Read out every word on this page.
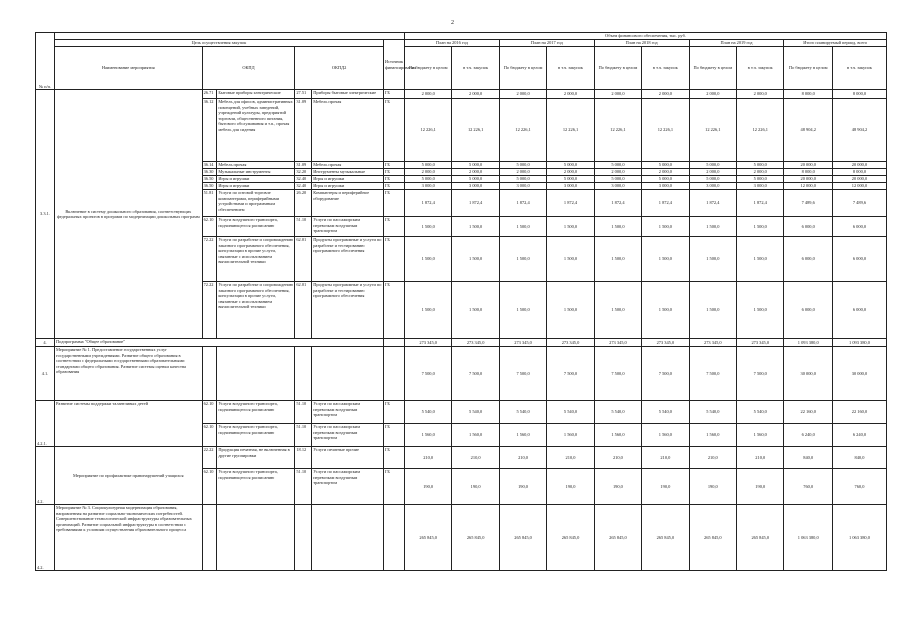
2
№ п/п.							Объем финансового обеспечения, тыс. руб.									
	Цель осуществления закупок					Источник финансирования	План на 2016 год		План на 2017 год		План на 2018 год		План на 2019 год		Итого планируемый период, всего	
	Наименование мероприятия	ОКПД		ОКПД2			По бюджету в целом	в т.ч. закупок	По бюджету в целом	в т.ч. закупок	По бюджету в целом	в т.ч. закупок	По бюджету в целом	в т.ч. закупок	По бюджету в целом	в т.ч. закупок
3.3.1.	Включение в систему дошкольного образования, соответствующих федеральных проектов в программ по модернизации дошкольных программ	26.71	Бытовые приборы электрические	27.51	Приборы бытовые электрические	ГБ	2 000,0	2 000,0	2 000,0	2 000,0	2 000,0	2 000,0	2 000,0	2 000,0	8 000,0	8 000,0
		36.12	Мебель для офисов, административных помещений, учебных заведений, учреждений культуры, предприятий торговли, общественного питания, бытового обслуживания и т.п., прочая мебель для сидения	31.09	Мебель прочая	ГБ	12 226,1	12 226,1	12 226,1	12 226,1	12 226,1	12 226,1	12 226,1	12 226,1	48 904,2	48 904,2
		36.14	Мебель прочая	31.09	Мебель прочая	ГБ	5 000,0	5 000,0	5 000,0	5 000,0	5 000,0	5 000,0	5 000,0	5 000,0	20 000,0	20 000,0
		36.30	Музыкальные инструменты	32.20	Инструменты музыкальные	ГБ	2 000,0	2 000,0	2 000,0	2 000,0	2 000,0	2 000,0	2 000,0	2 000,0	8 000,0	8 000,0
		36.50	Игры и игрушки	32.40	Игры и игрушки	ГБ	5 000,0	5 000,0	5 000,0	5 000,0	5 000,0	5 000,0	5 000,0	5 000,0	20 000,0	20 000,0
		36.50	Игры и игрушки	32.40	Игры и игрушки	ГБ	3 000,0	3 000,0	3 000,0	3 000,0	3 000,0	3 000,0	3 000,0	3 000,0	12 000,0	12 000,0
		51.81	Услуги по оптовой торговле компьютерами, периферийными устройствами и программным обеспечением	26.20	Компьютеры и периферийное оборудование	ГБ	1 872,4	1 872,4	1 872,4	1 872,4	1 872,4	1 872,4	1 872,4	1 872,4	7 489,6	7 489,6
		62.10	Услуги воздушного транспорта, подчиняющегося расписанию	51.10	Услуги по пассажирским перевозкам воздушным транспортом	ГБ	1 500,0	1 500,0	1 500,0	1 500,0	1 500,0	1 500,0	1 500,0	1 500,0	6 000,0	6 000,0
		72.22	Услуги по разработке и сопровождению заказного программного обеспечения, консультации в прочие услуги, связанные с использованием вычислительной техники	62.01	Продукты программные и услуги по разработке и тестированию программного обеспечения	ГБ	1 500,0	1 500,0	1 500,0	1 500,0	1 500,0	1 500,0	1 500,0	1 500,0	6 000,0	6 000,0
		72.22	Услуги по разработке и сопровождению заказного программного обеспечения, консультации в прочие услуги, связанные с использованием вычислительной техники	62.01	Продукты программные и услуги по разработке и тестированию программного обеспечения	ГБ	1 500,0	1 500,0	1 500,0	1 500,0	1 500,0	1 500,0	1 500,0	1 500,0	6 000,0	6 000,0
4.	Подпрограмма "Общее образование"						273 345,0	273 345,0	273 345,0	273 345,0	273 345,0	273 345,0	273 345,0	273 345,0	1 093 380,0	1 093 380,0
4.1.	Мероприятие № 1. Предоставление государственных услуг государственными учреждениями. Развитие общего образования в соответствии с федеральными государственными образовательными стандартами общего образования. Развитие системы оценки качества образования						7 500,0	7 500,0	7 500,0	7 500,0	7 500,0	7 500,0	7 500,0	7 500,0	30 000,0	30 000,0
4.2.1.	Развитие системы поддержки талантливых детей	62.10	Услуги воздушного транспорта, подчиняющегося расписанию	51.10	Услуги по пассажирским перевозкам воздушным транспортом	ГБ	5 540,0	5 540,0	5 540,0	5 540,0	5 540,0	5 540,0	5 540,0	5 540,0	22 160,0	22 160,0
		62.10	Услуги воздушного транспорта, подчиняющегося расписанию	51.10	Услуги по пассажирским перевозкам воздушным транспортом	ГБ	1 560,0	1 560,0	1 560,0	1 560,0	1 560,0	1 560,0	1 560,0	1 560,0	6 240,0	6 240,0
4.2.	Мероприятие по профилактике правонарушений учащихся	22.22	Продукция печатная, не включенная в другие группировки	18.12	Услуги печатные прочие	ГБ	210,0	210,0	210,0	210,0	210,0	210,0	210,0	210,0	840,0	840,0
		62.10	Услуги воздушного транспорта, подчиняющегося расписанию	51.10	Услуги по пассажирским перевозкам воздушным транспортом	ГБ	190,0	190,0	190,0	190,0	190,0	190,0	190,0	190,0	760,0	760,0
4.2.	Мероприятие № 3. Социокультурная модернизация образования, направленная на развитие социально-экономических потребностей. Совершенствование технологической инфраструктуры образовательных организаций. Развитие социальной инфраструктуры в соответствии с требованиями к условиям осуществления образовательного процесса						265 845,0	265 845,0	265 845,0	265 845,0	265 845,0	265 845,0	265 845,0	265 845,0	1 063 380,0	1 063 380,0
